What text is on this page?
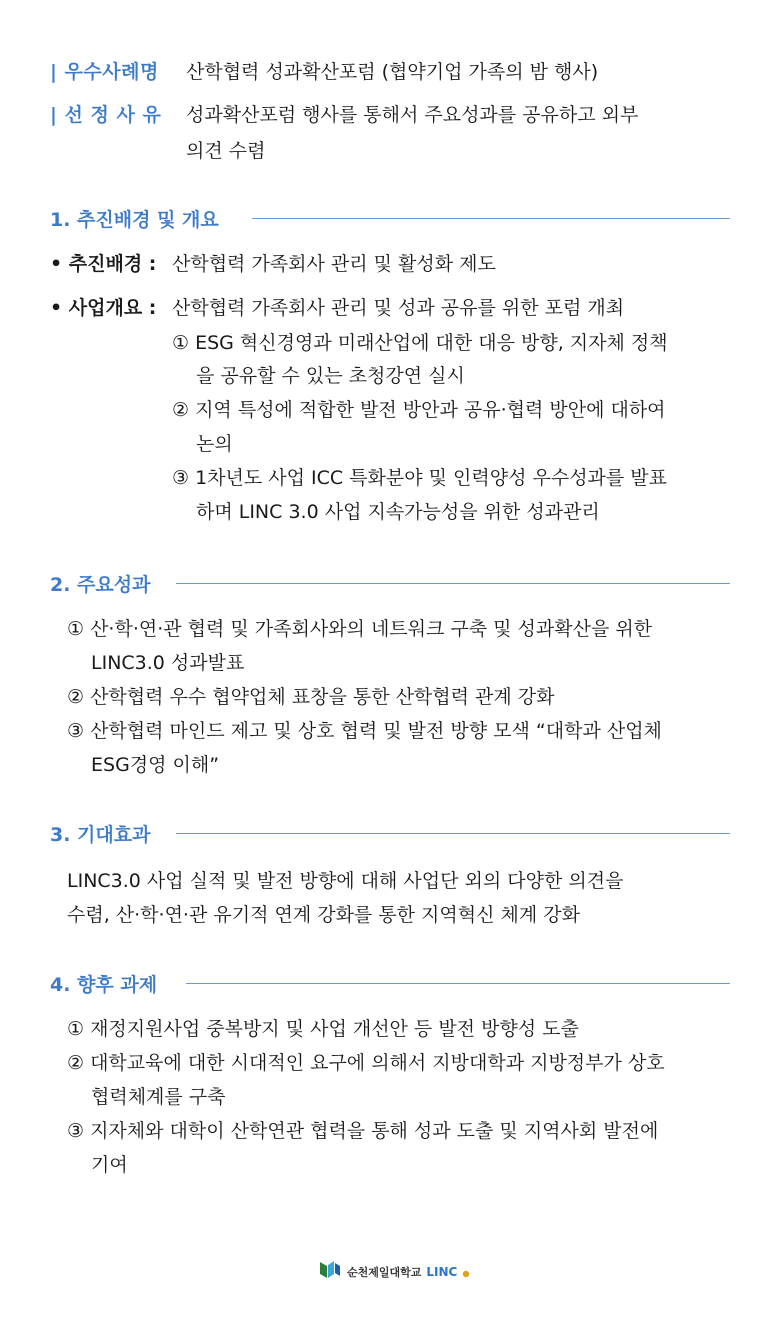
| 우수사례명 산학협력 성과확산포럼 (협약기업 가족의 밤 행사)
| 선 정 사 유 성과확산포럼 행사를 통해서 주요성과를 공유하고 외부
의견 수렴
1. 추진배경 및 개요
• 추진배경 : 산학협력 가족회사 관리 및 활성화 제도
• 사업개요 : 산학협력 가족회사 관리 및 성과 공유를 위한 포럼 개최
① ESG 혁신경영과 미래산업에 대한 대응 방향, 지자체 정책
을 공유할 수 있는 초청강연 실시
② 지역 특성에 적합한 발전 방안과 공유·협력 방안에 대하여
논의
③ 1차년도 사업 ICC 특화분야 및 인력양성 우수성과를 발표
하며 LINC 3.0 사업 지속가능성을 위한 성과관리
2. 주요성과
① 산·학·연·관 협력 및 가족회사와의 네트워크 구축 및 성과확산을 위한
LINC3.0 성과발표
② 산학협력 우수 협약업체 표창을 통한 산학협력 관계 강화
③ 산학협력 마인드 제고 및 상호 협력 및 발전 방향 모색 “대학과 산업체
ESG경영 이해”
3. 기대효과
LINC3.0 사업 실적 및 발전 방향에 대해 사업단 외의 다양한 의견을
수렴, 산·학·연·관 유기적 연계 강화를 통한 지역혁신 체계 강화
4. 향후 과제
① 재정지원사업 중복방지 및 사업 개선안 등 발전 방향성 도출
② 대학교육에 대한 시대적인 요구에 의해서 지방대학과 지방정부가 상호
협력체계를 구축
③ 지자체와 대학이 산학연관 협력을 통해 성과 도출 및 지역사회 발전에
기여
순천제일대학교 LINC
